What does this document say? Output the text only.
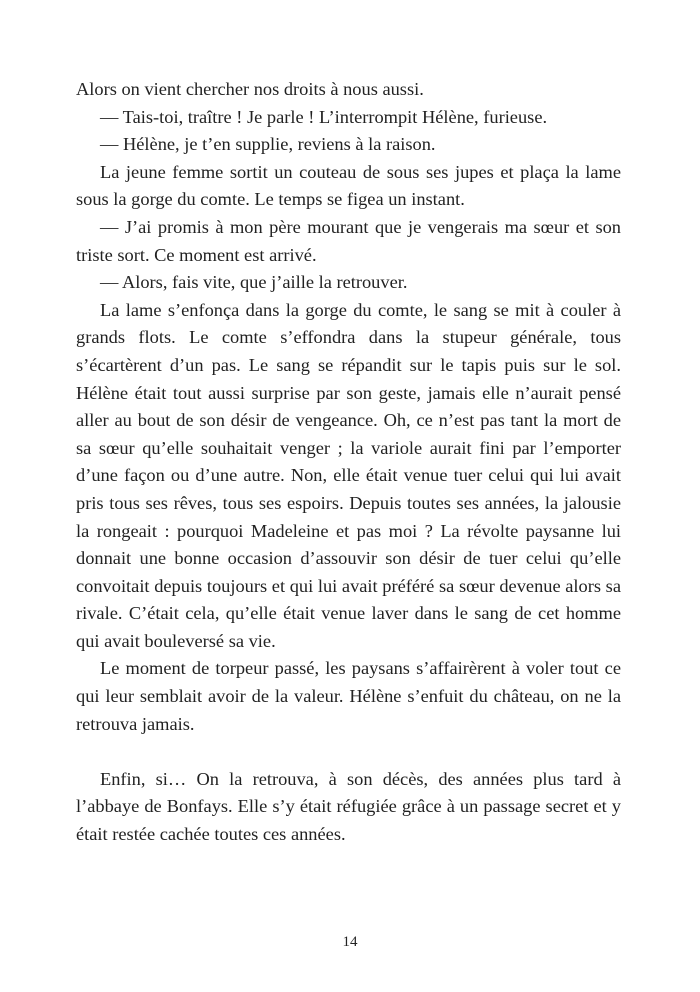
Alors on vient chercher nos droits à nous aussi.

— Tais-toi, traître ! Je parle ! L’interrompit Hélène, furieuse.

— Hélène, je t’en supplie, reviens à la raison.

La jeune femme sortit un couteau de sous ses jupes et plaça la lame sous la gorge du comte. Le temps se figea un instant.

— J’ai promis à mon père mourant que je vengerais ma sœur et son triste sort. Ce moment est arrivé.

— Alors, fais vite, que j’aille la retrouver.

La lame s’enfonça dans la gorge du comte, le sang se mit à couler à grands flots. Le comte s’effondra dans la stupeur générale, tous s’écartèrent d’un pas. Le sang se répandit sur le tapis puis sur le sol. Hélène était tout aussi surprise par son geste, jamais elle n’aurait pensé aller au bout de son désir de vengeance. Oh, ce n’est pas tant la mort de sa sœur qu’elle souhaitait venger ; la variole aurait fini par l’emporter d’une façon ou d’une autre. Non, elle était venue tuer celui qui lui avait pris tous ses rêves, tous ses espoirs. Depuis toutes ses années, la jalousie la rongeait : pourquoi Madeleine et pas moi ? La révolte paysanne lui donnait une bonne occasion d’assouvir son désir de tuer celui qu’elle convoitait depuis toujours et qui lui avait préféré sa sœur devenue alors sa rivale. C’était cela, qu’elle était venue laver dans le sang de cet homme qui avait bouleversé sa vie.

Le moment de torpeur passé, les paysans s’affairèrent à voler tout ce qui leur semblait avoir de la valeur. Hélène s’enfuit du château, on ne la retrouva jamais.

Enfin, si… On la retrouva, à son décès, des années plus tard à l’abbaye de Bonfays. Elle s’y était réfugiée grâce à un passage secret et y était restée cachée toutes ces années.

14
